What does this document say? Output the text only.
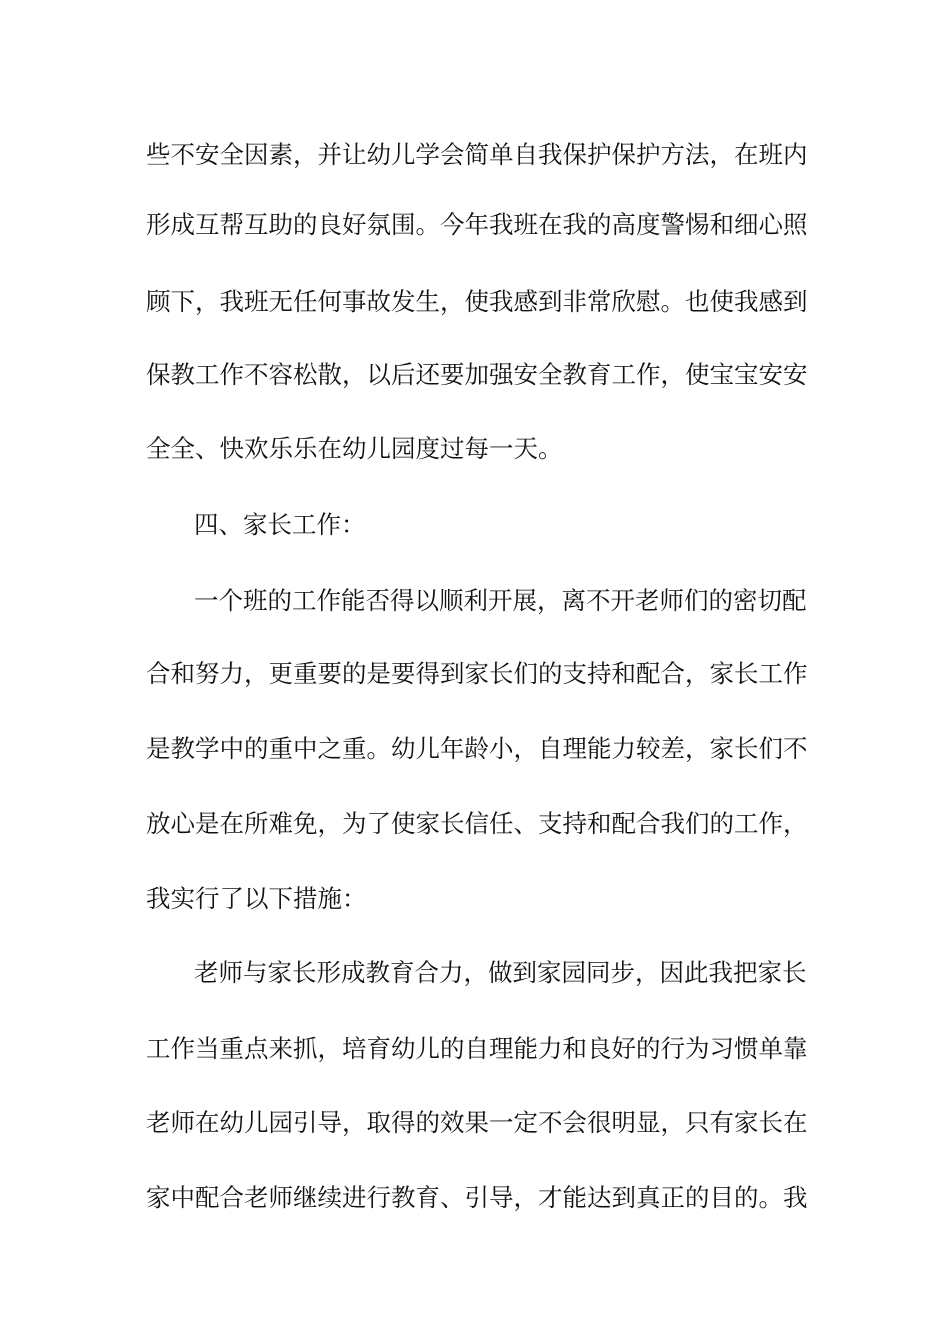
些不安全因素，并让幼儿学会简单自我保护保护方法，在班内
形成互帮互助的良好氛围。今年我班在我的高度警惕和细心照
顾下，我班无任何事故发生，使我感到非常欣慰。也使我感到
保教工作不容松散，以后还要加强安全教育工作，使宝宝安安
全全、快欢乐乐在幼儿园度过每一天。
四、家长工作：
一个班的工作能否得以顺利开展，离不开老师们的密切配
合和努力，更重要的是要得到家长们的支持和配合，家长工作
是教学中的重中之重。幼儿年龄小，自理能力较差，家长们不
放心是在所难免，为了使家长信任、支持和配合我们的工作，
我实行了以下措施：
老师与家长形成教育合力，做到家园同步，因此我把家长
工作当重点来抓，培育幼儿的自理能力和良好的行为习惯单靠
老师在幼儿园引导，取得的效果一定不会很明显，只有家长在
家中配合老师继续进行教育、引导，才能达到真正的目的。我
